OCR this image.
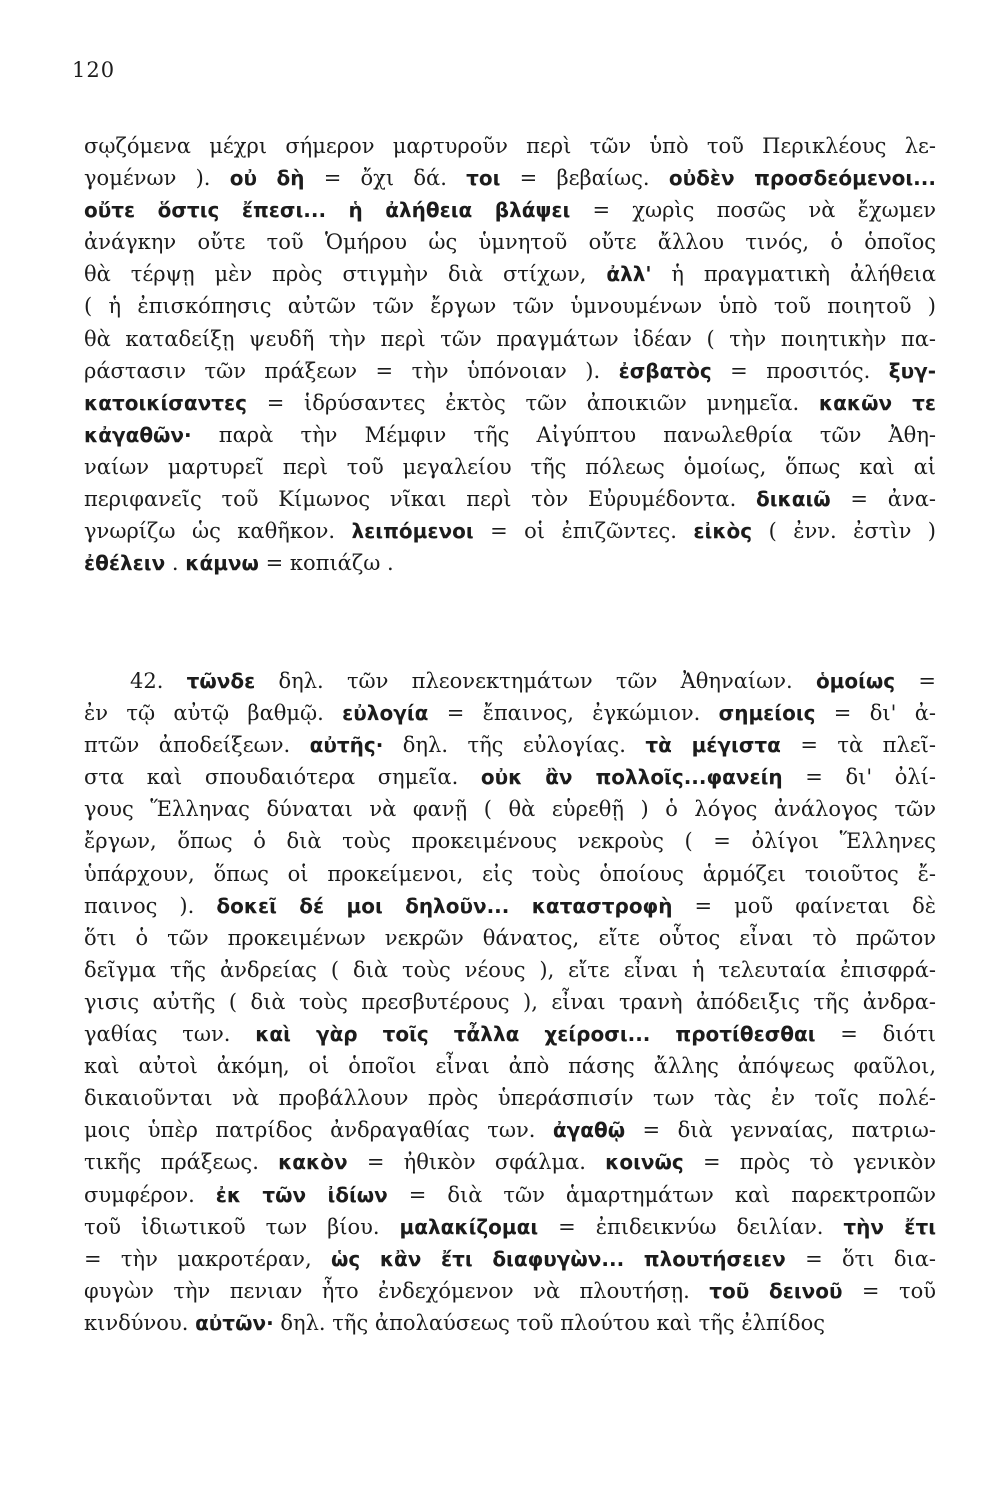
120
σῳζόμενα μέχρι σήμερον μαρτυροῦν περὶ τῶν ὑπὸ τοῦ Περικλέους λε-
γομένων ). οὐ δὴ = ὄχι δά. τοι = βεβαίως. οὐδὲν προσδεόμενοι...
οὔτε ὅστις ἔπεσι... ἡ ἀλήθεια βλάψει = χωρὶς ποσῶς νὰ ἔχωμεν
ἀνάγκην οὔτε τοῦ Ὁμήρου ὡς ὑμνητοῦ οὔτε ἄλλου τινός, ὁ ὁποῖος
θὰ τέρψῃ μὲν πρὸς στιγμὴν διὰ στίχων, ἀλλ' ἡ πραγματικὴ ἀλήθεια
( ἡ ἐπισκόπησις αὐτῶν τῶν ἔργων τῶν ὑμνουμένων ὑπὸ τοῦ ποιητοῦ )
θὰ καταδείξῃ ψευδῆ τὴν περὶ τῶν πραγμάτων ἰδέαν ( τὴν ποιητικὴν πα-
ράστασιν τῶν πράξεων = τὴν ὑπόνοιαν ). ἐσβατὸς = προσιτός. ξυγ-
κατοικίσαντες = ἱδρύσαντες ἐκτὸς τῶν ἀποικιῶν μνημεῖα. κακῶν τε
κἀγαθῶν· παρὰ τὴν Μέμφιν τῆς Αἰγύπτου πανωλεθρία τῶν Ἀθη-
ναίων μαρτυρεῖ περὶ τοῦ μεγαλείου τῆς πόλεως ὁμοίως, ὅπως καὶ αἱ
περιφανεῖς τοῦ Κίμωνος νῖκαι περὶ τὸν Εὐρυμέδοντα. δικαιῶ = ἀνα-
γνωρίζω ὡς καθῆκον. λειπόμενοι = οἱ ἐπιζῶντες. εἰκὸς ( ἐνν. ἐστὶν )
ἐθέλειν . κάμνω = κοπιάζω .
42. τῶνδε δηλ. τῶν πλεονεκτημάτων τῶν Ἀθηναίων. ὁμοίως =
ἐν τῷ αὐτῷ βαθμῷ. εὐλογία = ἔπαινος, ἐγκώμιον. σημείοις = δι' ἀ-
πτῶν ἀποδείξεων. αὐτῆς· δηλ. τῆς εὐλογίας. τὰ μέγιστα = τὰ πλεῖ-
στα καὶ σπουδαιότερα σημεῖα. οὐκ ἂν πολλοῖς...φανείη = δι' ὀλί-
γους Ἕλληνας δύναται νὰ φανῇ ( θὰ εὑρεθῇ ) ὁ λόγος ἀνάλογος τῶν
ἔργων, ὅπως ὁ διὰ τοὺς προκειμένους νεκροὺς ( = ὀλίγοι Ἕλληνες
ὑπάρχουν, ὅπως οἱ προκείμενοι, εἰς τοὺς ὁποίους ἁρμόζει τοιοῦτος ἔ-
παινος ). δοκεῖ δέ μοι δηλοῦν... καταστροφὴ = μοῦ φαίνεται δὲ
ὅτι ὁ τῶν προκειμένων νεκρῶν θάνατος, εἴτε οὗτος εἶναι τὸ πρῶτον
δεῖγμα τῆς ἀνδρείας ( διὰ τοὺς νέους ), εἴτε εἶναι ἡ τελευταία ἐπισφρά-
γισις αὐτῆς ( διὰ τοὺς πρεσβυτέρους ), εἶναι τρανὴ ἀπόδειξις τῆς ἀνδρα-
γαθίας των. καὶ γὰρ τοῖς τἆλλα χείροσι... προτίθεσθαι = διότι
καὶ αὐτοὶ ἀκόμη, οἱ ὁποῖοι εἶναι ἀπὸ πάσης ἄλλης ἀπόψεως φαῦλοι,
δικαιοῦνται νὰ προβάλλουν πρὸς ὑπεράσπισίν των τὰς ἐν τοῖς πολέ-
μοις ὑπὲρ πατρίδος ἀνδραγαθίας των. ἀγαθῷ = διὰ γενναίας, πατριω-
τικῆς πράξεως. κακὸν = ἠθικὸν σφάλμα. κοινῶς = πρὸς τὸ γενικὸν
συμφέρον. ἐκ τῶν ἰδίων = διὰ τῶν ἁμαρτημάτων καὶ παρεκτροπῶν
τοῦ ἰδιωτικοῦ των βίου. μαλακίζομαι = ἐπιδεικνύω δειλίαν. τὴν ἔτι
= τὴν μακροτέραν, ὡς κἂν ἔτι διαφυγὼν... πλουτήσειεν = ὅτι δια-
φυγὼν τὴν πενιαν ἦτο ἐνδεχόμενον νὰ πλουτήσῃ. τοῦ δεινοῦ = τοῦ
κινδύνου. αὐτῶν· δηλ. τῆς ἀπολαύσεως τοῦ πλούτου καὶ τῆς ἐλπίδος
